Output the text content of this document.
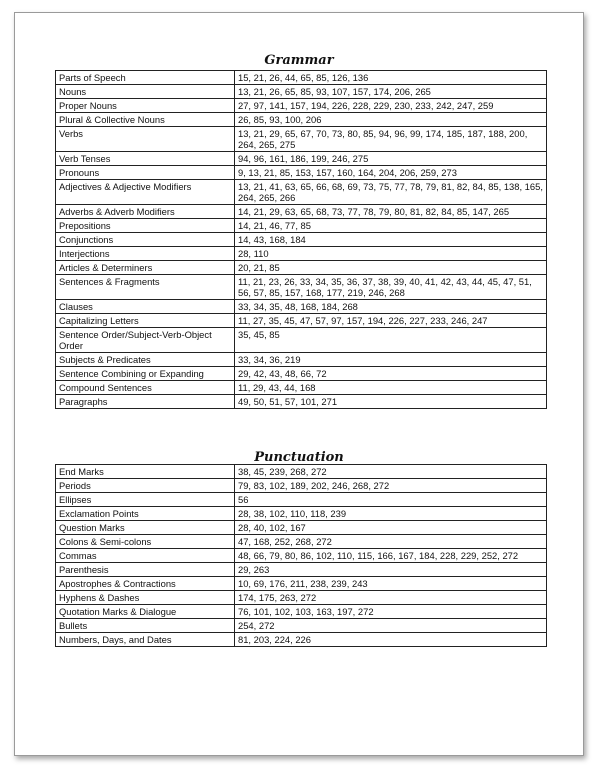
Grammar
Parts of Speech	15, 21, 26, 44, 65, 85, 126, 136
Nouns	13, 21, 26, 65, 85, 93, 107, 157, 174, 206, 265
Proper Nouns	27, 97, 141, 157, 194, 226, 228, 229, 230, 233, 242, 247, 259
Plural & Collective Nouns	26, 85, 93, 100, 206
Verbs	13, 21, 29, 65, 67, 70, 73, 80, 85, 94, 96, 99, 174, 185, 187, 188, 200, 264, 265, 275
Verb Tenses	94, 96, 161, 186, 199, 246, 275
Pronouns	9, 13, 21, 85, 153, 157, 160, 164, 204, 206, 259, 273
Adjectives & Adjective Modifiers	13, 21, 41, 63, 65, 66, 68, 69, 73, 75, 77, 78, 79, 81, 82, 84, 85, 138, 165, 264, 265, 266
Adverbs & Adverb Modifiers	14, 21, 29, 63, 65, 68, 73, 77, 78, 79, 80, 81, 82, 84, 85, 147, 265
Prepositions	14, 21, 46, 77, 85
Conjunctions	14, 43, 168, 184
Interjections	28, 110
Articles & Determiners	20, 21, 85
Sentences & Fragments	11, 21, 23, 26, 33, 34, 35, 36, 37, 38, 39, 40, 41, 42, 43, 44, 45, 47, 51, 56, 57, 85, 157, 168, 177, 219, 246, 268
Clauses	33, 34, 35, 48, 168, 184, 268
Capitalizing Letters	11, 27, 35, 45, 47, 57, 97, 157, 194, 226, 227, 233, 246, 247
Sentence Order/Subject-Verb-Object Order	35, 45, 85
Subjects & Predicates	33, 34, 36, 219
Sentence Combining or Expanding	29, 42, 43, 48, 66, 72
Compound Sentences	11, 29, 43, 44, 168
Paragraphs	49, 50, 51, 57, 101, 271
Punctuation
End Marks	38, 45, 239, 268, 272
Periods	79, 83, 102, 189, 202, 246, 268, 272
Ellipses	56
Exclamation Points	28, 38, 102, 110, 118, 239
Question Marks	28, 40, 102, 167
Colons & Semi-colons	47, 168, 252, 268, 272
Commas	48, 66, 79, 80, 86, 102, 110, 115, 166, 167, 184, 228, 229, 252, 272
Parenthesis	29, 263
Apostrophes & Contractions	10, 69, 176, 211, 238, 239, 243
Hyphens & Dashes	174, 175, 263, 272
Quotation Marks & Dialogue	76, 101, 102, 103, 163, 197, 272
Bullets	254, 272
Numbers, Days, and Dates	81, 203, 224, 226
